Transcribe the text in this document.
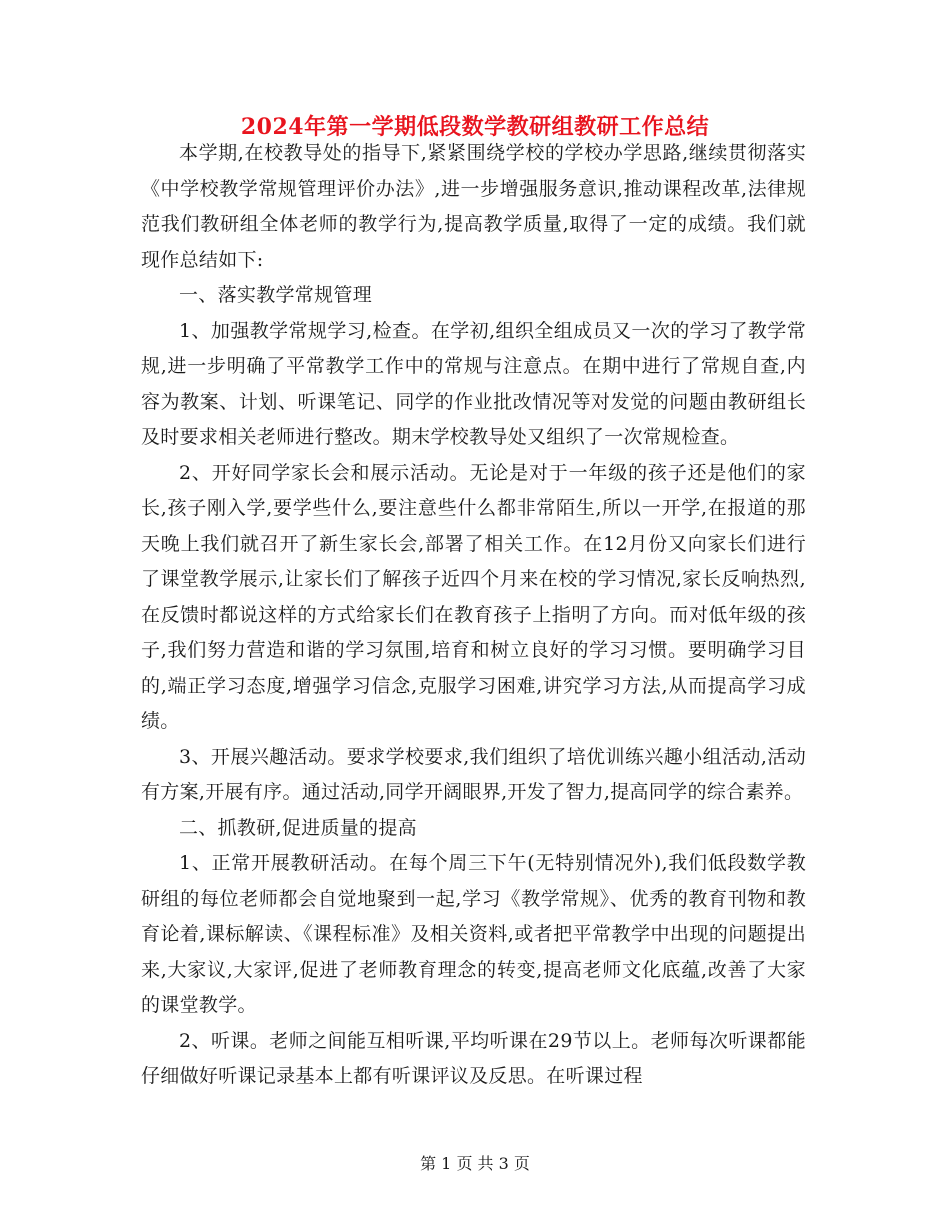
2024年第一学期低段数学教研组教研工作总结

本学期,在校教导处的指导下,紧紧围绕学校的学校办学思路,继续贯彻落实《中学校教学常规管理评价办法》,进一步增强服务意识,推动课程改革,法律规范我们教研组全体老师的教学行为,提高教学质量,取得了一定的成绩。我们就现作总结如下:

一、落实教学常规管理

1、加强教学常规学习,检查。在学初,组织全组成员又一次的学习了教学常规,进一步明确了平常教学工作中的常规与注意点。在期中进行了常规自查,内容为教案、计划、听课笔记、同学的作业批改情况等对发觉的问题由教研组长及时要求相关老师进行整改。期末学校教导处又组织了一次常规检查。

2、开好同学家长会和展示活动。无论是对于一年级的孩子还是他们的家长,孩子刚入学,要学些什么,要注意些什么都非常陌生,所以一开学,在报道的那天晚上我们就召开了新生家长会,部署了相关工作。在12月份又向家长们进行了课堂教学展示,让家长们了解孩子近四个月来在校的学习情况,家长反响热烈,在反馈时都说这样的方式给家长们在教育孩子上指明了方向。而对低年级的孩子,我们努力营造和谐的学习氛围,培育和树立良好的学习习惯。要明确学习目的,端正学习态度,增强学习信念,克服学习困难,讲究学习方法,从而提高学习成绩。

3、开展兴趣活动。要求学校要求,我们组织了培优训练兴趣小组活动,活动有方案,开展有序。通过活动,同学开阔眼界,开发了智力,提高同学的综合素养。

二、抓教研,促进质量的提高

1、正常开展教研活动。在每个周三下午(无特别情况外),我们低段数学教研组的每位老师都会自觉地聚到一起,学习《教学常规》、优秀的教育刊物和教育论着,课标解读、《课程标准》及相关资料,或者把平常教学中出现的问题提出来,大家议,大家评,促进了老师教育理念的转变,提高老师文化底蕴,改善了大家的课堂教学。

2、听课。老师之间能互相听课,平均听课在29节以上。老师每次听课都能仔细做好听课记录基本上都有听课评议及反思。在听课过程

第 1 页 共 3 页
